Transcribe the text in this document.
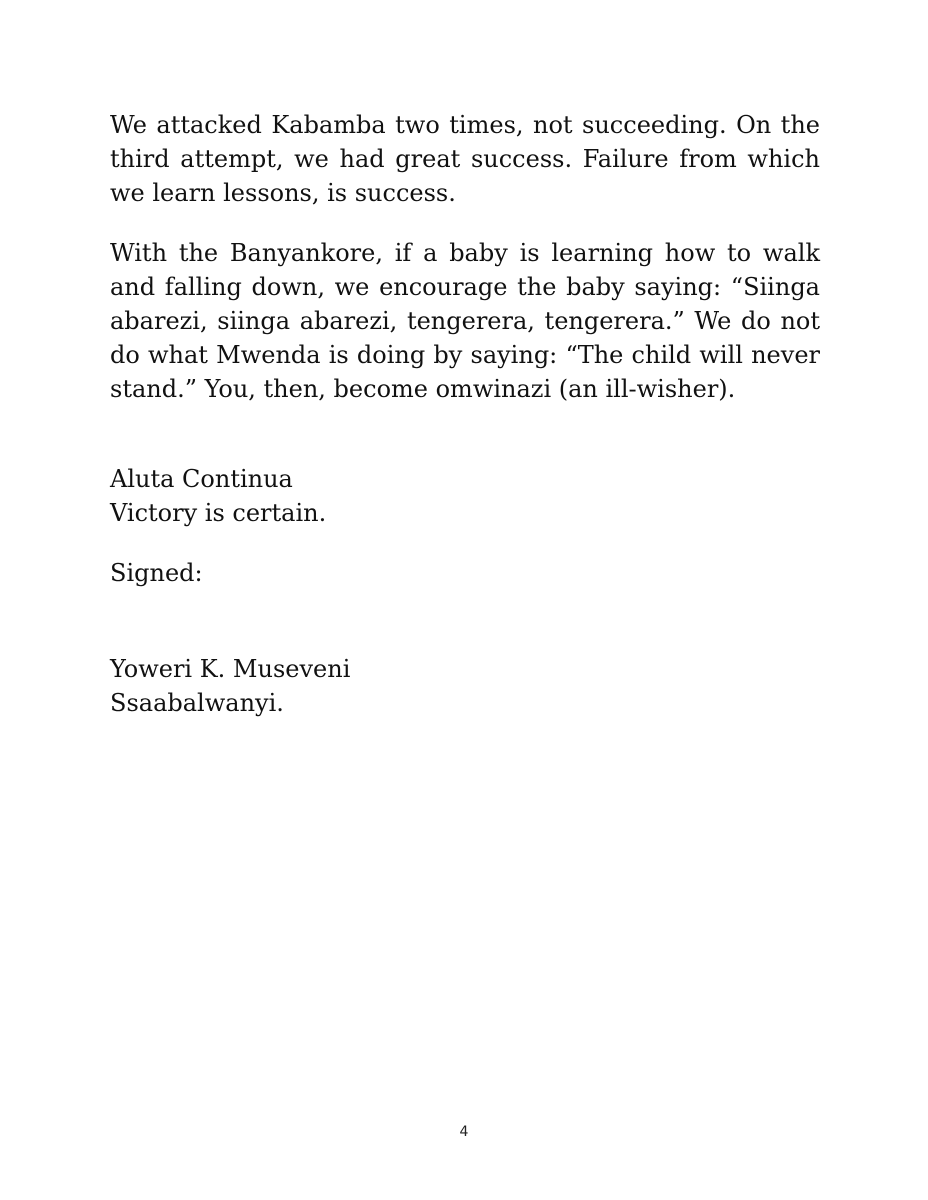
We attacked Kabamba two times, not succeeding. On the third attempt, we had great success. Failure from which we learn lessons, is success.

With the Banyankore, if a baby is learning how to walk and falling down, we encourage the baby saying: “Siinga abarezi, siinga abarezi, tengerera, tengerera.” We do not do what Mwenda is doing by saying: “The child will never stand.” You, then, become omwinazi (an ill-wisher).

Aluta Continua
Victory is certain.
Signed:
Yoweri K. Museveni
Ssaabalwanyi.
4
